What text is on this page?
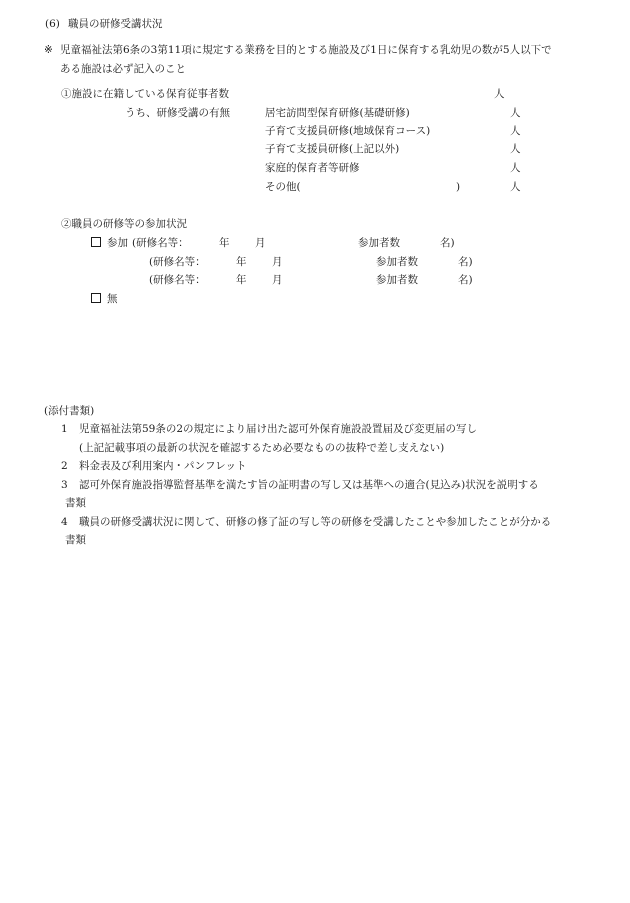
(6) 職員の研修受講状況
※ 児童福祉法第6条の3第11項に規定する業務を目的とする施設及び1日に保育する乳幼児の数が5人以下で
ある施設は必ず記入のこと
①施設に在籍している保育従事者数	人
うち、研修受講の有無	居宅訪問型保育研修(基礎研修)	人
子育て支援員研修(地域保育コース)	人
子育て支援員研修(上記以外)	人
家庭的保育者等研修	人
その他(	)	人
②職員の研修等の参加状況
参加 (研修名等：	年 月	参加者数	名)
(研修名等：	年 月	参加者数	名)
(研修名等：	年 月	参加者数	名)
無
(添付書類)
1 児童福祉法第59条の2の規定により届け出た認可外保育施設設置届及び変更届の写し
(上記記載事項の最新の状況を確認するため必要なものの抜粋で差し支えない)
2 料金表及び利用案内・パンフレット
3 認可外保育施設指導監督基準を満たす旨の証明書の写し又は基準への適合(見込み)状況を説明する
書類
4 職員の研修受講状況に関して、研修の修了証の写し等の研修を受講したことや参加したことが分かる
書類
